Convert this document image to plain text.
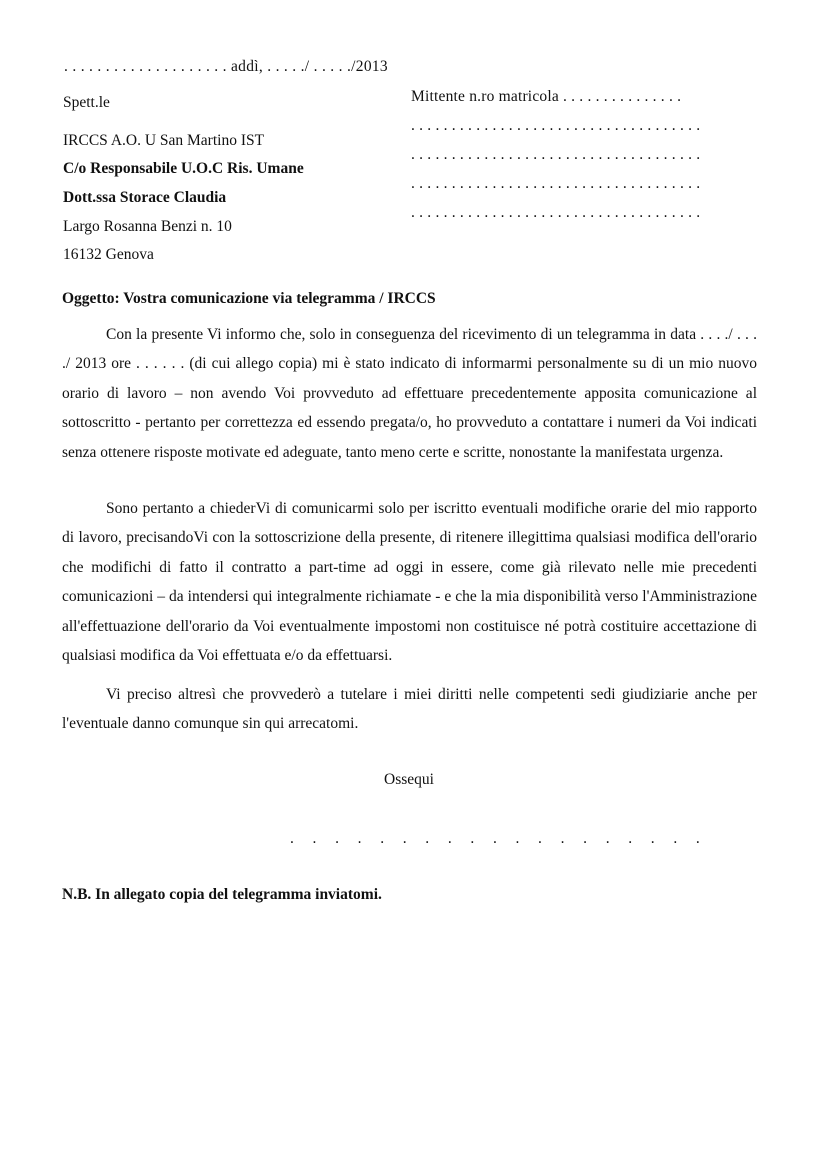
. . . . . . . . . . . . . . . . . . . . addì, . . . . ./ . . . . ./2013
Spett.le
IRCCS A.O. U San Martino IST
C/o Responsabile U.O.C Ris. Umane
Dott.ssa Storace Claudia
Largo Rosanna Benzi n. 10
16132 Genova
Mittente n.ro matricola . . . . . . . . . . . . . . .
. . . . . . . . . . . . . . . . . . . . . . . . . . . . . . . . . . . .
. . . . . . . . . . . . . . . . . . . . . . . . . . . . . . . . . . . .
. . . . . . . . . . . . . . . . . . . . . . . . . . . . . . . . . . . .
. . . . . . . . . . . . . . . . . . . . . . . . . . . . . . . . . . . .
Oggetto: Vostra comunicazione via telegramma / IRCCS

Con la presente Vi informo che, solo in conseguenza del ricevimento di un telegramma in data . . . ./ . . . ./ 2013 ore . . . . . . (di cui allego copia) mi è stato indicato di informarmi personalmente su di un mio nuovo orario di lavoro – non avendo Voi provveduto ad effettuare precedentemente apposita comunicazione al sottoscritto - pertanto per correttezza ed essendo pregata/o, ho provveduto a contattare i numeri da Voi indicati senza ottenere risposte motivate ed adeguate, tanto meno certe e scritte, nonostante la manifestata urgenza.

Sono pertanto a chiederVi di comunicarmi solo per iscritto eventuali modifiche orarie del mio rapporto di lavoro, precisandoVi con la sottoscrizione della presente, di ritenere illegittima qualsiasi modifica dell'orario che modifichi di fatto il contratto a part-time ad oggi in essere, come già rilevato nelle mie precedenti comunicazioni – da intendersi qui integralmente richiamate - e che la mia disponibilità verso l'Amministrazione all'effettuazione dell'orario da Voi eventualmente impostomi non costituisce né potrà costituire accettazione di qualsiasi modifica da Voi effettuata e/o da effettuarsi.

Vi preciso altresì che provvederò a tutelare i miei diritti nelle competenti sedi giudiziarie anche per l'eventuale danno comunque sin qui arrecatomi.

Ossequi
. . . . . . . . . . . . . . . . . . .
N.B. In allegato copia del telegramma inviatomi.
